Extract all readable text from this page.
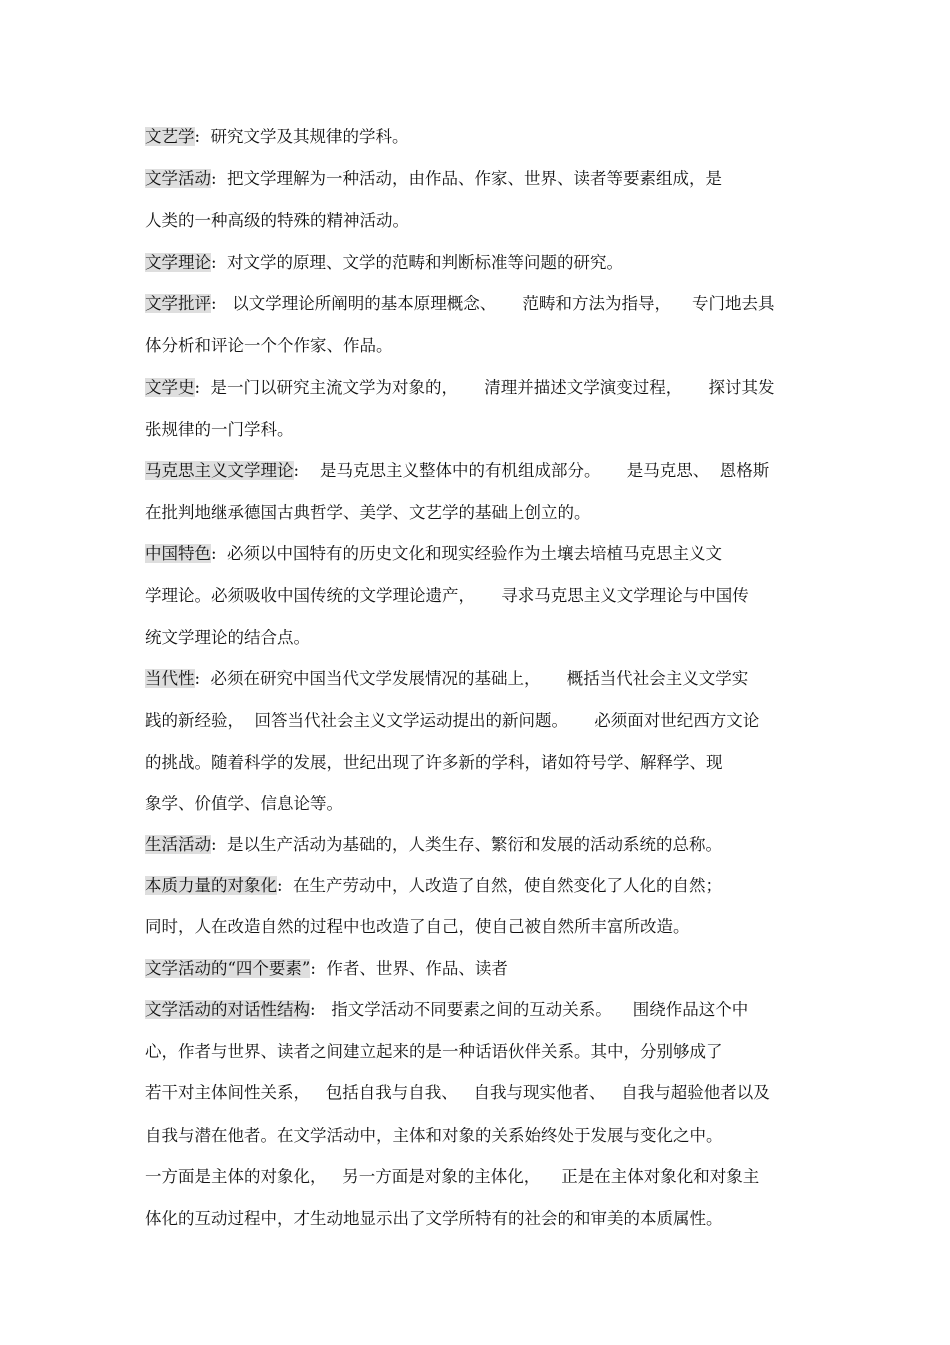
文艺学:  研究文学及其规律的学科。
文学活动:  把文学理解为一种活动，由作品、作家、世界、读者等要素组成，是
人类的一种高级的特殊的精神活动。
文学理论:  对文学的原理、文学的范畴和判断标准等问题的研究。
文学批评:   以文学理论所阐明的基本原理概念、     范畴和方法为指导，    专门地去具
体分析和评论一个个作家、作品。
文学史:  是一门以研究主流文学为对象的，     清理并描述文学演变过程，     探讨其发
张规律的一门学科。
马克思主义文学理论:    是马克思主义整体中的有机组成部分。     是马克思、  恩格斯
在批判地继承德国古典哲学、美学、文艺学的基础上创立的。
中国特色:  必须以中国特有的历史文化和现实经验作为土壤去培植马克思主义文
学理论。必须吸收中国传统的文学理论遗产，     寻求马克思主义文学理论与中国传
统文学理论的结合点。
当代性:  必须在研究中国当代文学发展情况的基础上，     概括当代社会主义文学实
践的新经验，  回答当代社会主义文学运动提出的新问题。     必须面对世纪西方文论
的挑战。随着科学的发展，世纪出现了许多新的学科，诸如符号学、解释学、现
象学、价值学、信息论等。
生活活动:  是以生产活动为基础的，人类生存、繁衍和发展的活动系统的总称。
本质力量的对象化:  在生产劳动中，人改造了自然，使自然变化了人化的自然；
同时，人在改造自然的过程中也改造了自己，使自己被自然所丰富所改造。
文学活动的“四个要素”:  作者、世界、作品、读者
文学活动的对话性结构:   指文学活动不同要素之间的互动关系。    围绕作品这个中
心，作者与世界、读者之间建立起来的是一种话语伙伴关系。其中，分别够成了
若干对主体间性关系，   包括自我与自我、   自我与现实他者、   自我与超验他者以及
自我与潜在他者。在文学活动中，主体和对象的关系始终处于发展与变化之中。
一方面是主体的对象化，   另一方面是对象的主体化，    正是在主体对象化和对象主
体化的互动过程中，才生动地显示出了文学所特有的社会的和审美的本质属性。
